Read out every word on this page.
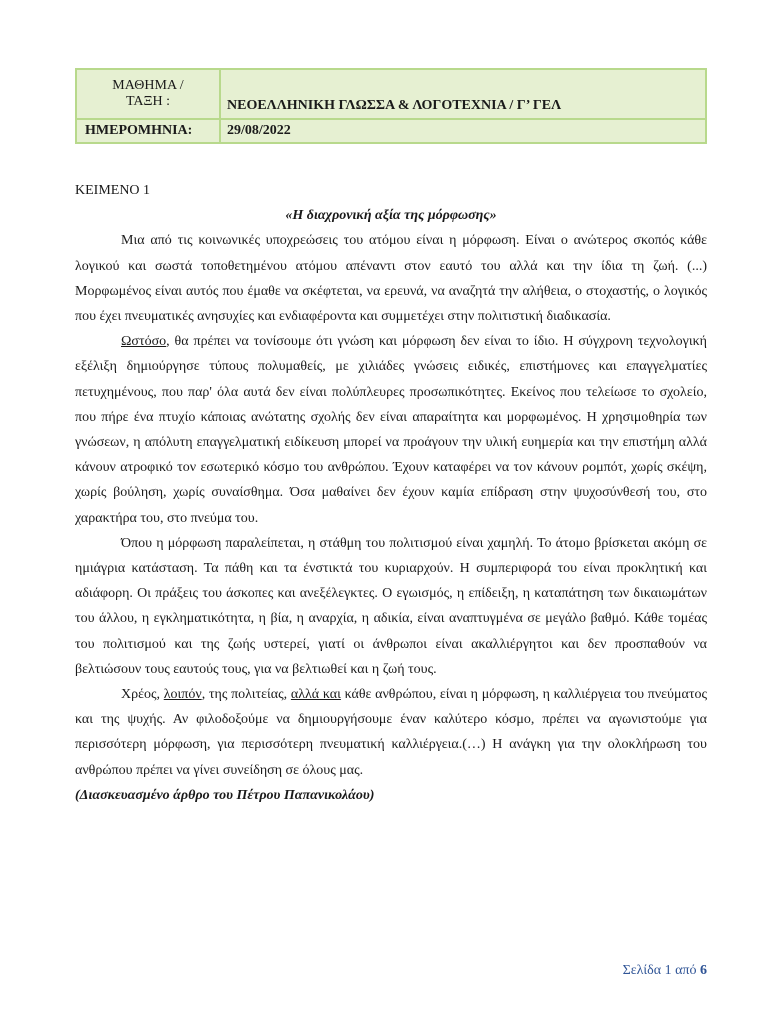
ΜΑΘΗΜΑ /
ΤΑΞΗ :	ΝΕΟΕΛΛΗΝΙΚΗ ΓΛΩΣΣΑ & ΛΟΓΟΤΕΧΝΙΑ / Γ’ ΓΕΛ
ΗΜΕΡΟΜΗΝΙΑ:	29/08/2022

ΚΕΙΜΕΝΟ 1

«Η διαχρονική αξία της μόρφωσης»

Μια από τις κοινωνικές υποχρεώσεις του ατόμου είναι η μόρφωση. Είναι ο ανώτερος σκοπός κάθε λογικού και σωστά τοποθετημένου ατόμου απέναντι στον εαυτό του αλλά και την ίδια τη ζωή. (...) Μορφωμένος είναι αυτός που έμαθε να σκέφτεται, να ερευνά, να αναζητά την αλήθεια, ο στοχαστής, ο λογικός που έχει πνευματικές ανησυχίες και ενδιαφέροντα και συμμετέχει στην πολιτιστική διαδικασία.

Ωστόσο, θα πρέπει να τονίσουμε ότι γνώση και μόρφωση δεν είναι το ίδιο. Η σύγχρονη τεχνολογική εξέλιξη δημιούργησε τύπους πολυμαθείς, με χιλιάδες γνώσεις ειδικές, επιστήμονες και επαγγελματίες πετυχημένους, που παρ' όλα αυτά δεν είναι πολύπλευρες προσωπικότητες. Εκείνος που τελείωσε το σχολείο, που πήρε ένα πτυχίο κάποιας ανώτατης σχολής δεν είναι απαραίτητα και μορφωμένος. Η χρησιμοθηρία των γνώσεων, η απόλυτη επαγγελματική ειδίκευση μπορεί να προάγουν την υλική ευημερία και την επιστήμη αλλά κάνουν ατροφικό τον εσωτερικό κόσμο του ανθρώπου. Έχουν καταφέρει να τον κάνουν ρομπότ, χωρίς σκέψη, χωρίς βούληση, χωρίς συναίσθημα. Όσα μαθαίνει δεν έχουν καμία επίδραση στην ψυχοσύνθεσή του, στο χαρακτήρα του, στο πνεύμα του.

Όπου η μόρφωση παραλείπεται, η στάθμη του πολιτισμού είναι χαμηλή. Το άτομο βρίσκεται ακόμη σε ημιάγρια κατάσταση. Τα πάθη και τα ένστικτά του κυριαρχούν. Η συμπεριφορά του είναι προκλητική και αδιάφορη. Οι πράξεις του άσκοπες και ανεξέλεγκτες. Ο εγωισμός, η επίδειξη, η καταπάτηση των δικαιωμάτων του άλλου, η εγκληματικότητα, η βία, η αναρχία, η αδικία, είναι αναπτυγμένα σε μεγάλο βαθμό. Κάθε τομέας του πολιτισμού και της ζωής υστερεί, γιατί οι άνθρωποι είναι ακαλλιέργητοι και δεν προσπαθούν να βελτιώσουν τους εαυτούς τους, για να βελτιωθεί και η ζωή τους.

Χρέος, λοιπόν, της πολιτείας, αλλά και κάθε ανθρώπου, είναι η μόρφωση, η καλλιέργεια του πνεύματος και της ψυχής. Αν φιλοδοξούμε να δημιουργήσουμε έναν καλύτερο κόσμο, πρέπει να αγωνιστούμε για περισσότερη μόρφωση, για περισσότερη πνευματική καλλιέργεια.(…) Η ανάγκη για την ολοκλήρωση του ανθρώπου πρέπει να γίνει συνείδηση σε όλους μας.

(Διασκευασμένο άρθρο του Πέτρου Παπανικολάου)

Σελίδα 1 από 6
